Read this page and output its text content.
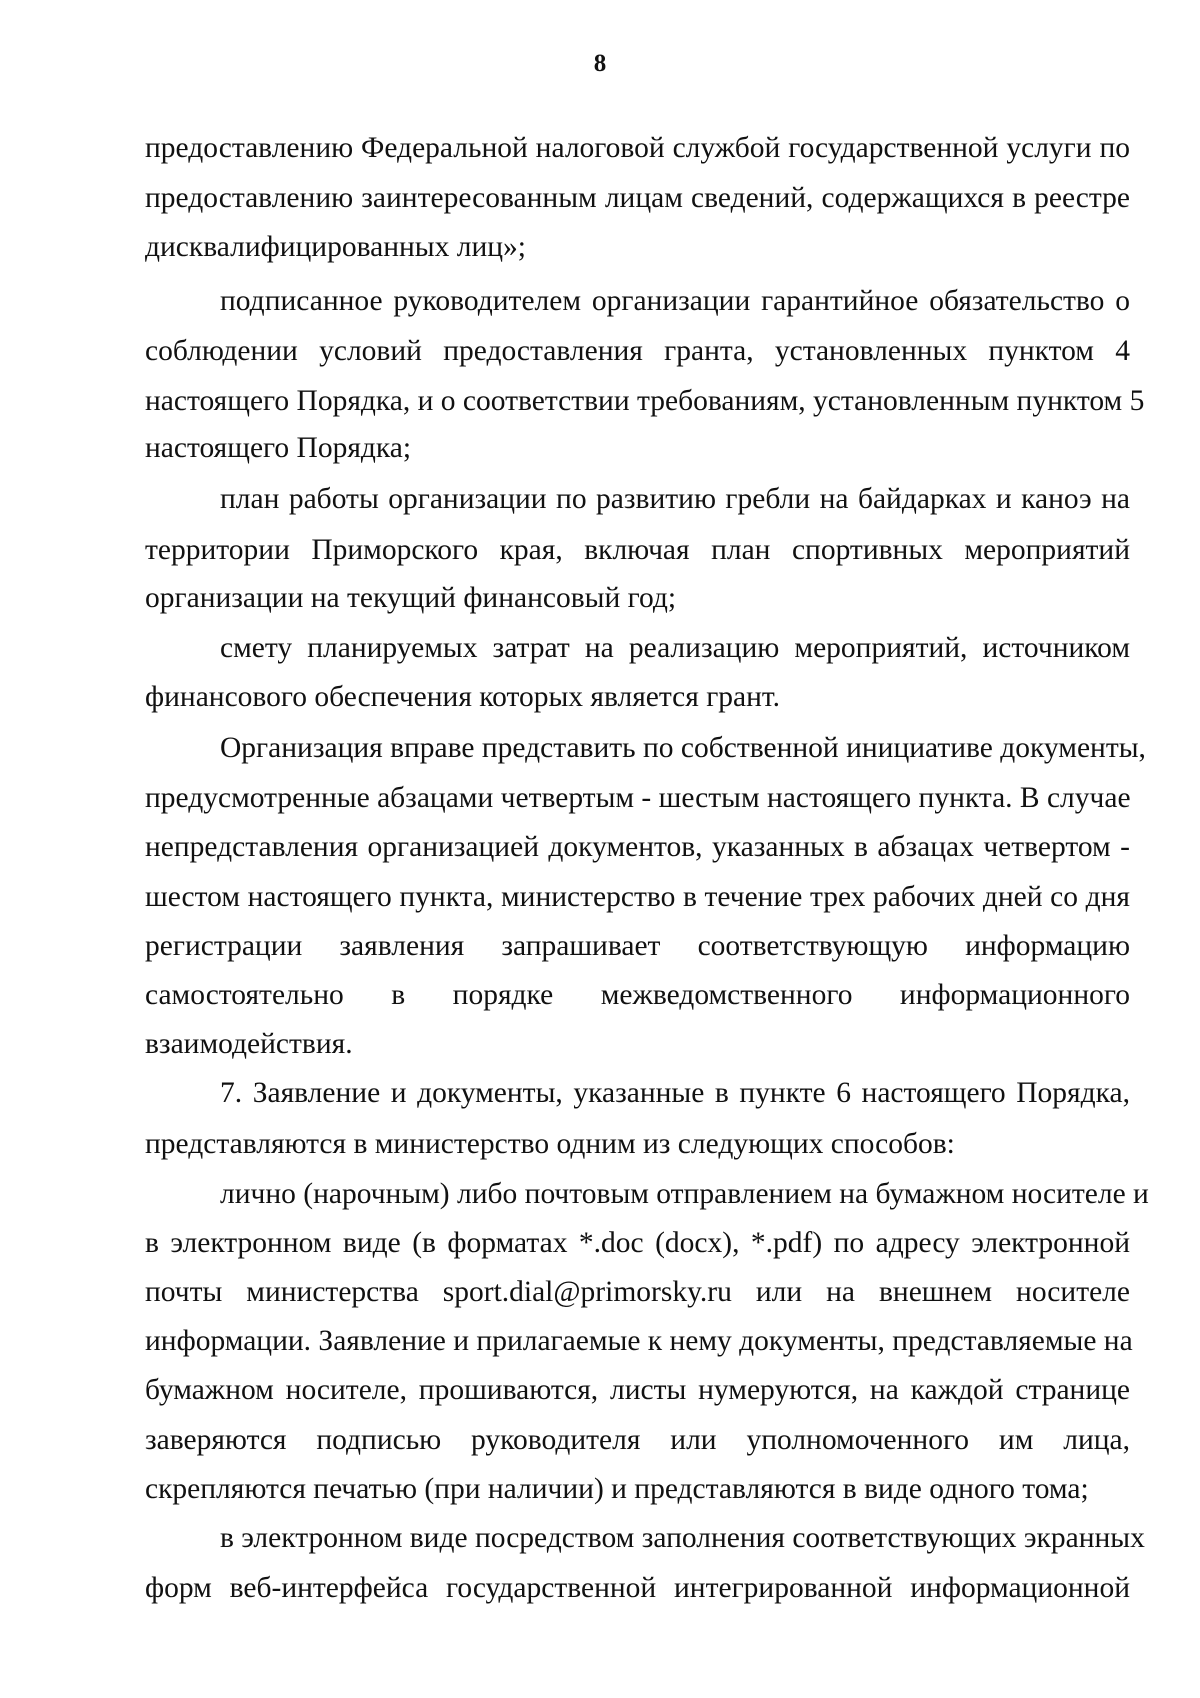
8
предоставлению Федеральной налоговой службой государственной услуги по
предоставлению заинтересованным лицам сведений, содержащихся в реестре
дисквалифицированных лиц»;
подписанное руководителем организации гарантийное обязательство о
соблюдении условий предоставления гранта, установленных пунктом 4
настоящего Порядка, и о соответствии требованиям, установленным пунктом 5
настоящего Порядка;
план работы организации по развитию гребли на байдарках и каноэ на
территории Приморского края, включая план спортивных мероприятий
организации на текущий финансовый год;
смету планируемых затрат на реализацию мероприятий, источником
финансового обеспечения которых является грант.
Организация вправе представить по собственной инициативе документы,
предусмотренные абзацами четвертым - шестым настоящего пункта. В случае
непредставления организацией документов, указанных в абзацах четвертом -
шестом настоящего пункта, министерство в течение трех рабочих дней со дня
регистрации заявления запрашивает соответствующую информацию
самостоятельно в порядке межведомственного информационного
взаимодействия.
7. Заявление и документы, указанные в пункте 6 настоящего Порядка,
представляются в министерство одним из следующих способов:
лично (нарочным) либо почтовым отправлением на бумажном носителе и
в электронном виде (в форматах *.doc (docx), *.pdf) по адресу электронной
почты министерства sport.dial@primorsky.ru или на внешнем носителе
информации. Заявление и прилагаемые к нему документы, представляемые на
бумажном носителе, прошиваются, листы нумеруются, на каждой странице
заверяются подписью руководителя или уполномоченного им лица,
скрепляются печатью (при наличии) и представляются в виде одного тома;
в электронном виде посредством заполнения соответствующих экранных
форм веб-интерфейса государственной интегрированной информационной
